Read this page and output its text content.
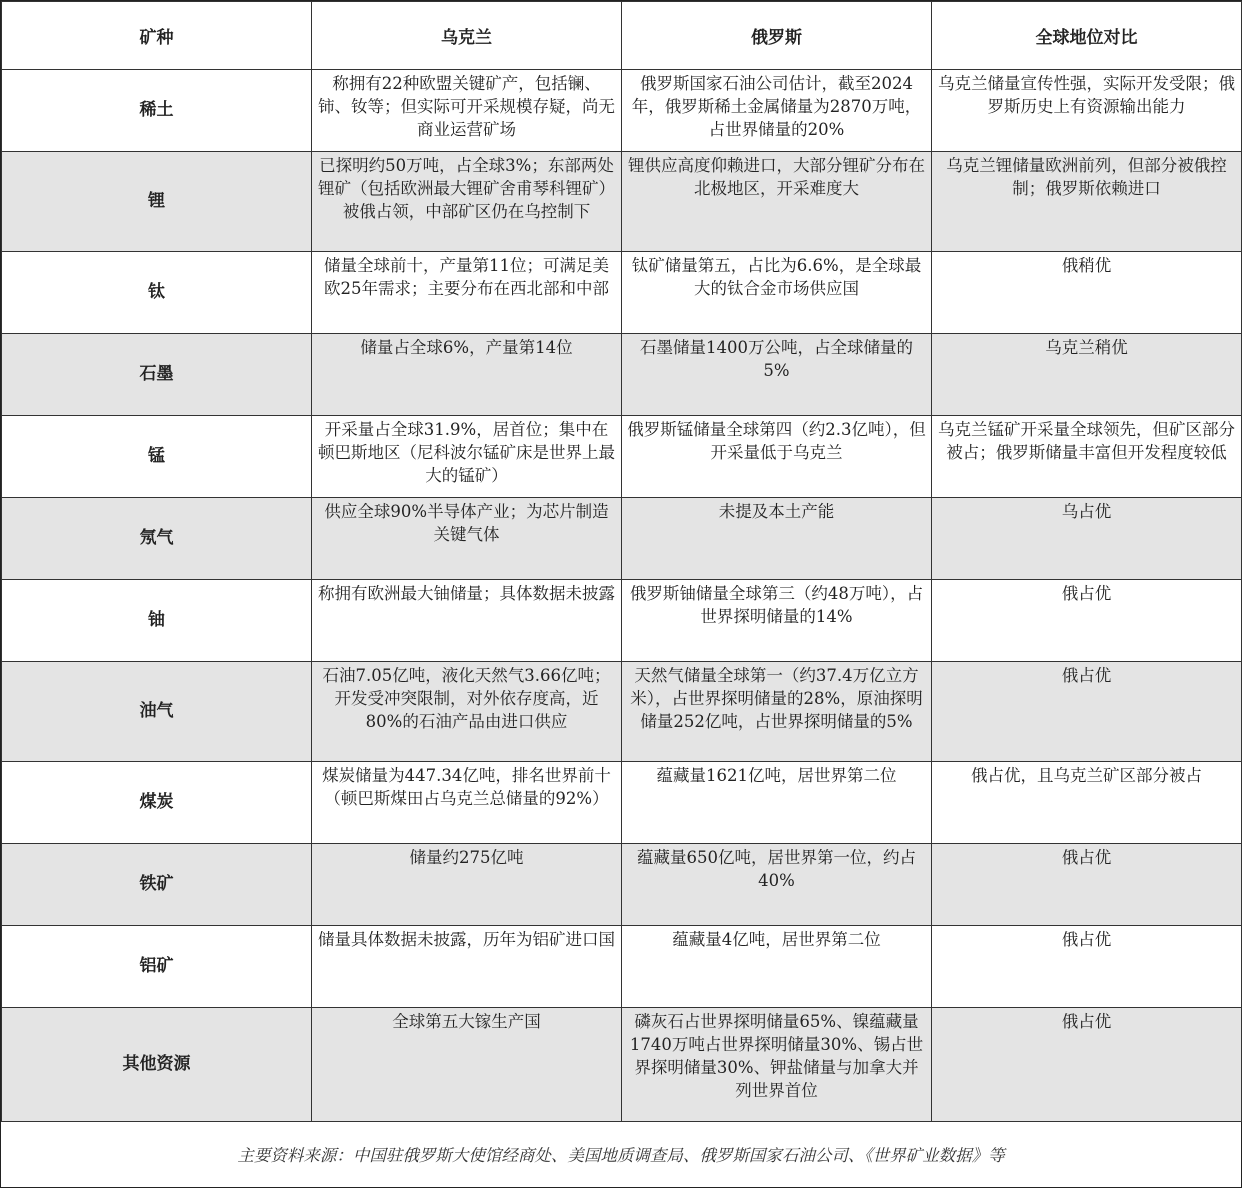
矿种	乌克兰	俄罗斯	全球地位对比
稀土	称拥有22种欧盟关键矿产，包括镧、铈、钕等；但实际可开采规模存疑，尚无商业运营矿场	俄罗斯国家石油公司估计，截至2024年，俄罗斯稀土金属储量为2870万吨，占世界储量的20%	乌克兰储量宣传性强，实际开发受限；俄罗斯历史上有资源输出能力
锂	已探明约50万吨，占全球3%；东部两处锂矿（包括欧洲最大锂矿舍甫琴科锂矿）被俄占领，中部矿区仍在乌控制下	锂供应高度仰赖进口，大部分锂矿分布在北极地区，开采难度大	乌克兰锂储量欧洲前列，但部分被俄控制；俄罗斯依赖进口
钛	储量全球前十，产量第11位；可满足美欧25年需求；主要分布在西北部和中部	钛矿储量第五，占比为6.6%，是全球最大的钛合金市场供应国	俄稍优
石墨	储量占全球6%，产量第14位	石墨储量1400万公吨，占全球储量的5%	乌克兰稍优
锰	开采量占全球31.9%，居首位；集中在顿巴斯地区（尼科波尔锰矿床是世界上最大的锰矿）	俄罗斯锰储量全球第四（约2.3亿吨），但开采量低于乌克兰	乌克兰锰矿开采量全球领先，但矿区部分被占；俄罗斯储量丰富但开发程度较低
氖气	供应全球90%半导体产业；为芯片制造关键气体	未提及本土产能	乌占优
铀	称拥有欧洲最大铀储量；具体数据未披露	俄罗斯铀储量全球第三（约48万吨），占世界探明储量的14%	俄占优
油气	石油7.05亿吨，液化天然气3.66亿吨；开发受冲突限制，对外依存度高，近80%的石油产品由进口供应	天然气储量全球第一（约37.4万亿立方米），占世界探明储量的28%，原油探明储量252亿吨，占世界探明储量的5%	俄占优
煤炭	煤炭储量为447.34亿吨，排名世界前十（顿巴斯煤田占乌克兰总储量的92%）	蕴藏量1621亿吨，居世界第二位	俄占优，且乌克兰矿区部分被占
铁矿	储量约275亿吨	蕴藏量650亿吨，居世界第一位，约占40%	俄占优
铝矿	储量具体数据未披露，历年为铝矿进口国	蕴藏量4亿吨，居世界第二位	俄占优
其他资源	全球第五大镓生产国	磷灰石占世界探明储量65%、镍蕴藏量1740万吨占世界探明储量30%、锡占世界探明储量30%、钾盐储量与加拿大并列世界首位	俄占优
主要资料来源：中国驻俄罗斯大使馆经商处、美国地质调查局、俄罗斯国家石油公司、《世界矿业数据》等
